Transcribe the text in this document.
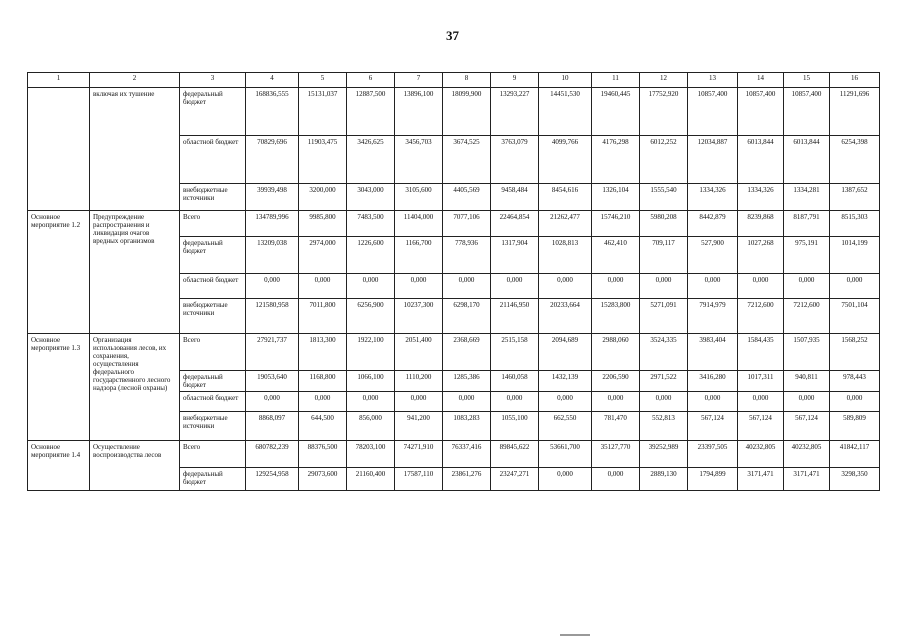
37
1	2	3	4	5	6	7	8	9	10	11	12	13	14	15	16
	включая их тушение	федеральный бюджет	168836,555	15131,037	12887,500	13896,100	18099,900	13293,227	14451,530	19460,445	17752,920	10857,400	10857,400	10857,400	11291,696
		областной бюджет	70829,696	11903,475	3426,625	3456,703	3674,525	3763,079	4099,766	4176,298	6012,252	12034,887	6013,844	6013,844	6254,398
		внебюджетные источники	39939,498	3200,000	3043,000	3105,600	4405,569	9458,484	8454,616	1326,104	1555,540	1334,326	1334,326	1334,281	1387,652
Основное мероприятие 1.2	Предупреждение распространения и ликвидация очагов вредных организмов	Всего	134789,996	9985,800	7483,500	11404,000	7077,106	22464,854	21262,477	15746,210	5980,208	8442,879	8239,868	8187,791	8515,303
		федеральный бюджет	13209,038	2974,000	1226,600	1166,700	778,936	1317,904	1028,813	462,410	709,117	527,900	1027,268	975,191	1014,199
		областной бюджет	0,000	0,000	0,000	0,000	0,000	0,000	0,000	0,000	0,000	0,000	0,000	0,000	0,000
		внебюджетные источники	121580,958	7011,800	6256,900	10237,300	6298,170	21146,950	20233,664	15283,800	5271,091	7914,979	7212,600	7212,600	7501,104
Основное мероприятие 1.3	Организация использования лесов, их сохранения, осуществления федерального государственного лесного надзора (лесной охраны)	Всего	27921,737	1813,300	1922,100	2051,400	2368,669	2515,158	2094,689	2988,060	3524,335	3983,404	1584,435	1507,935	1568,252
		федеральный бюджет	19053,640	1168,800	1066,100	1110,200	1285,386	1460,058	1432,139	2206,590	2971,522	3416,280	1017,311	940,811	978,443
		областной бюджет	0,000	0,000	0,000	0,000	0,000	0,000	0,000	0,000	0,000	0,000	0,000	0,000	0,000
		внебюджетные источники	8868,097	644,500	856,000	941,200	1083,283	1055,100	662,550	781,470	552,813	567,124	567,124	567,124	589,809
Основное мероприятие 1.4	Осуществление воспроизводства лесов	Всего	680782,239	88376,500	78203,100	74271,910	76337,416	89845,622	53661,700	35127,770	39252,989	23397,505	40232,805	40232,805	41842,117
		федеральный бюджет	129254,958	29073,600	21160,400	17587,110	23861,276	23247,271	0,000	0,000	2889,130	1794,899	3171,471	3171,471	3298,350
